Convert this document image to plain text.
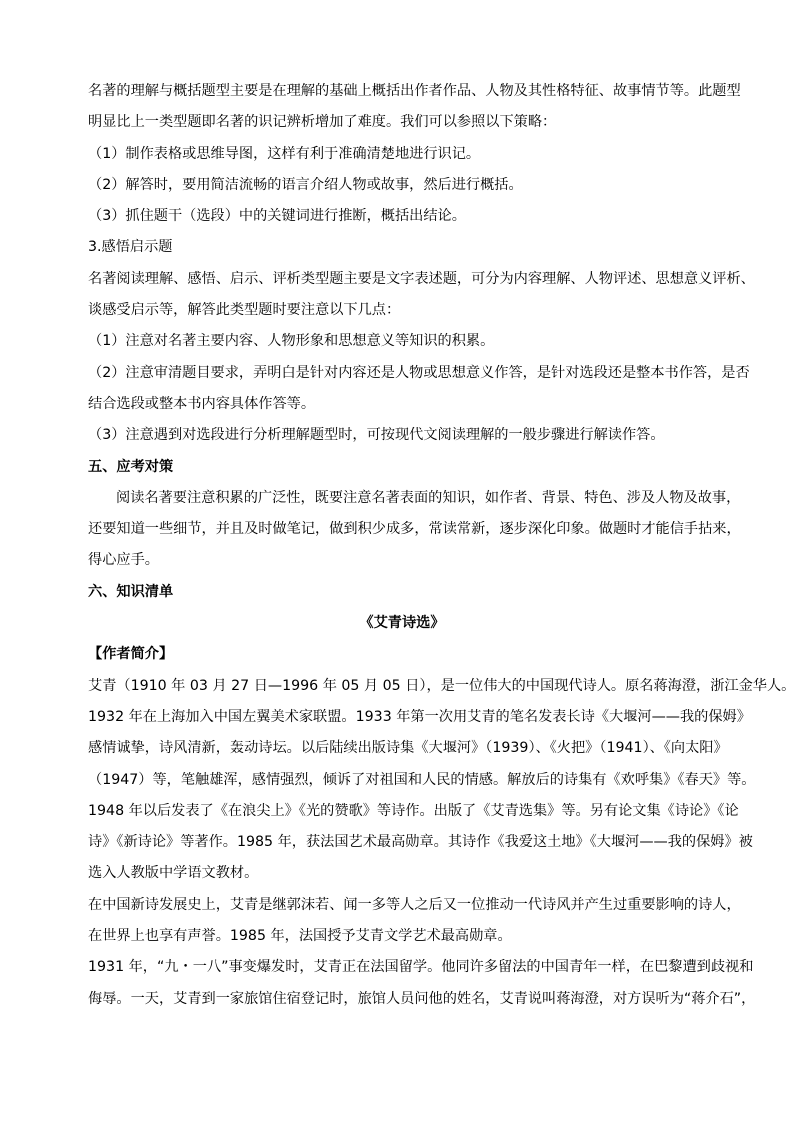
名著的理解与概括题型主要是在理解的基础上概括出作者作品、人物及其性格特征、故事情节等。此题型
明显比上一类型题即名著的识记辨析增加了难度。我们可以参照以下策略：
（1）制作表格或思维导图，这样有利于准确清楚地进行识记。
（2）解答时，要用简洁流畅的语言介绍人物或故事，然后进行概括。
（3）抓住题干（选段）中的关键词进行推断，概括出结论。
3.感悟启示题
名著阅读理解、感悟、启示、评析类型题主要是文字表述题，可分为内容理解、人物评述、思想意义评析、
谈感受启示等，解答此类型题时要注意以下几点：
（1）注意对名著主要内容、人物形象和思想意义等知识的积累。
（2）注意审清题目要求，弄明白是针对内容还是人物或思想意义作答，是针对选段还是整本书作答，是否
结合选段或整本书内容具体作答等。
（3）注意遇到对选段进行分析理解题型时，可按现代文阅读理解的一般步骤进行解读作答。
五、应考对策
阅读名著要注意积累的广泛性，既要注意名著表面的知识，如作者、背景、特色、涉及人物及故事，
还要知道一些细节，并且及时做笔记，做到积少成多，常读常新，逐步深化印象。做题时才能信手拈来，
得心应手。
六、知识清单
《艾青诗选》
【作者简介】
艾青（1910 年 03 月 27 日—1996 年 05 月 05 日），是一位伟大的中国现代诗人。原名蒋海澄，浙江金华人。
1932 年在上海加入中国左翼美术家联盟。1933 年第一次用艾青的笔名发表长诗《大堰河——我的保姆》
感情诚挚，诗风清新，轰动诗坛。以后陆续出版诗集《大堰河》（1939）、《火把》（1941）、《向太阳》
（1947）等，笔触雄浑，感情强烈，倾诉了对祖国和人民的情感。解放后的诗集有《欢呼集》《春天》等。
1948 年以后发表了《在浪尖上》《光的赞歌》等诗作。出版了《艾青选集》等。另有论文集《诗论》《论
诗》《新诗论》等著作。1985 年，获法国艺术最高勋章。其诗作《我爱这土地》《大堰河——我的保姆》被
选入人教版中学语文教材。
在中国新诗发展史上，艾青是继郭沫若、闻一多等人之后又一位推动一代诗风并产生过重要影响的诗人，
在世界上也享有声誉。1985 年，法国授予艾青文学艺术最高勋章。
1931 年，“九・一八”事变爆发时，艾青正在法国留学。他同许多留法的中国青年一样，在巴黎遭到歧视和
侮辱。一天，艾青到一家旅馆住宿登记时，旅馆人员问他的姓名，艾青说叫蒋海澄，对方误听为“蒋介石”，
